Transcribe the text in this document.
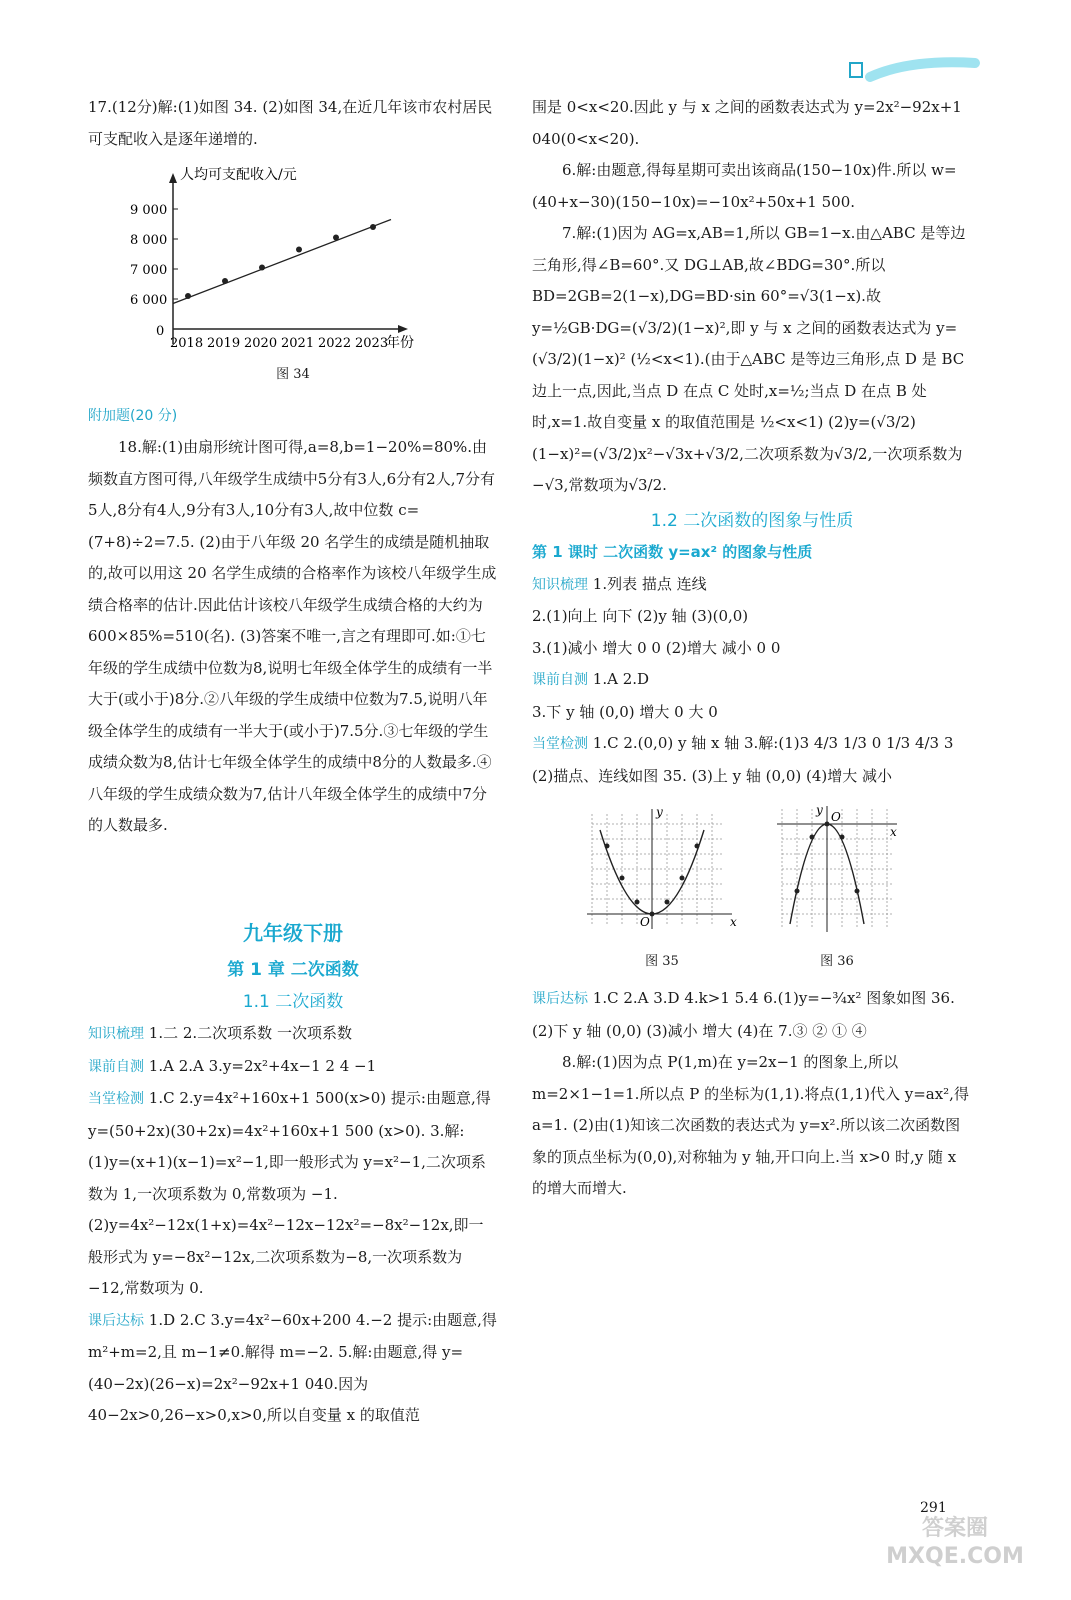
17.(12分)解:(1)如图 34. (2)如图 34,在近几年该市农村居民可支配收入是逐年递增的.

人均可支配收入/元
0
年份
6 000
7 000
8 000
9 000
2018 2019 2020 2021 2022 2023

图 34

附加题(20 分)

18.解:(1)由扇形统计图可得,a=8,b=1−20%=80%.由频数直方图可得,八年级学生成绩中5分有3人,6分有2人,7分有5人,8分有4人,9分有3人,10分有3人,故中位数 c=(7+8)÷2=7.5. (2)由于八年级 20 名学生的成绩是随机抽取的,故可以用这 20 名学生成绩的合格率作为该校八年级学生成绩合格率的估计.因此估计该校八年级学生成绩合格的大约为 600×85%=510(名). (3)答案不唯一,言之有理即可.如:①七年级的学生成绩中位数为8,说明七年级全体学生的成绩有一半大于(或小于)8分.②八年级的学生成绩中位数为7.5,说明八年级全体学生的成绩有一半大于(或小于)7.5分.③七年级的学生成绩众数为8,估计七年级全体学生的成绩中8分的人数最多.④八年级的学生成绩众数为7,估计八年级全体学生的成绩中7分的人数最多.

九年级下册

第 1 章 二次函数

1.1 二次函数

知识梳理 1.二 2.二次项系数 一次项系数

课前自测 1.A 2.A 3.y=2x²+4x−1 2 4 −1

当堂检测 1.C 2.y=4x²+160x+1 500(x>0) 提示:由题意,得 y=(50+2x)(30+2x)=4x²+160x+1 500 (x>0). 3.解:(1)y=(x+1)(x−1)=x²−1,即一般形式为 y=x²−1,二次项系数为 1,一次项系数为 0,常数项为 −1. (2)y=4x²−12x(1+x)=4x²−12x−12x²=−8x²−12x,即一般形式为 y=−8x²−12x,二次项系数为−8,一次项系数为−12,常数项为 0.

课后达标 1.D 2.C 3.y=4x²−60x+200 4.−2 提示:由题意,得 m²+m=2,且 m−1≠0.解得 m=−2. 5.解:由题意,得 y=(40−2x)(26−x)=2x²−92x+1 040.因为 40−2x>0,26−x>0,x>0,所以自变量 x 的取值范

围是 0<x<20.因此 y 与 x 之间的函数表达式为 y=2x²−92x+1 040(0<x<20).

6.解:由题意,得每星期可卖出该商品(150−10x)件.所以 w=(40+x−30)(150−10x)=−10x²+50x+1 500.

7.解:(1)因为 AG=x,AB=1,所以 GB=1−x.由△ABC 是等边三角形,得∠B=60°.又 DG⊥AB,故∠BDG=30°.所以 BD=2GB=2(1−x),DG=BD·sin 60°=√3(1−x).故

y=½GB·DG=(√3/2)(1−x)²,即 y 与 x 之间的函数表达式为 y=(√3/2)(1−x)² (½<x<1).(由于△ABC 是等边三角形,点 D 是 BC 边上一点,因此,当点 D 在点 C 处时,x=½;当点 D 在点 B 处时,x=1.故自变量 x 的取值范围是 ½<x<1) (2)y=(√3/2)(1−x)²=(√3/2)x²−√3x+√3/2,二次项系数为√3/2,一次项系数为−√3,常数项为√3/2.

1.2 二次函数的图象与性质

第 1 课时 二次函数 y=ax² 的图象与性质

知识梳理 1.列表 描点 连线

2.(1)向上 向下 (2)y 轴 (3)(0,0)

3.(1)减小 增大 0 0 (2)增大 减小 0 0

课前自测 1.A 2.D

3.下 y 轴 (0,0) 增大 0 大 0

当堂检测 1.C 2.(0,0) y 轴 x 轴 3.解:(1)3 4/3 1/3 0 1/3 4/3 3 (2)描点、连线如图 35. (3)上 y 轴 (0,0) (4)增大 减小

x
y
O

图 35

x
y O

图 36

课后达标 1.C 2.A 3.D 4.k>1 5.4 6.(1)y=−¾x² 图象如图 36. (2)下 y 轴 (0,0) (3)减小 增大 (4)在 7.③ ② ① ④

8.解:(1)因为点 P(1,m)在 y=2x−1 的图象上,所以 m=2×1−1=1.所以点 P 的坐标为(1,1).将点(1,1)代入 y=ax²,得 a=1. (2)由(1)知该二次函数的表达式为 y=x².所以该二次函数图象的顶点坐标为(0,0),对称轴为 y 轴,开口向上.当 x>0 时,y 随 x 的增大而增大.

291
答案圈 MXQE.COM
